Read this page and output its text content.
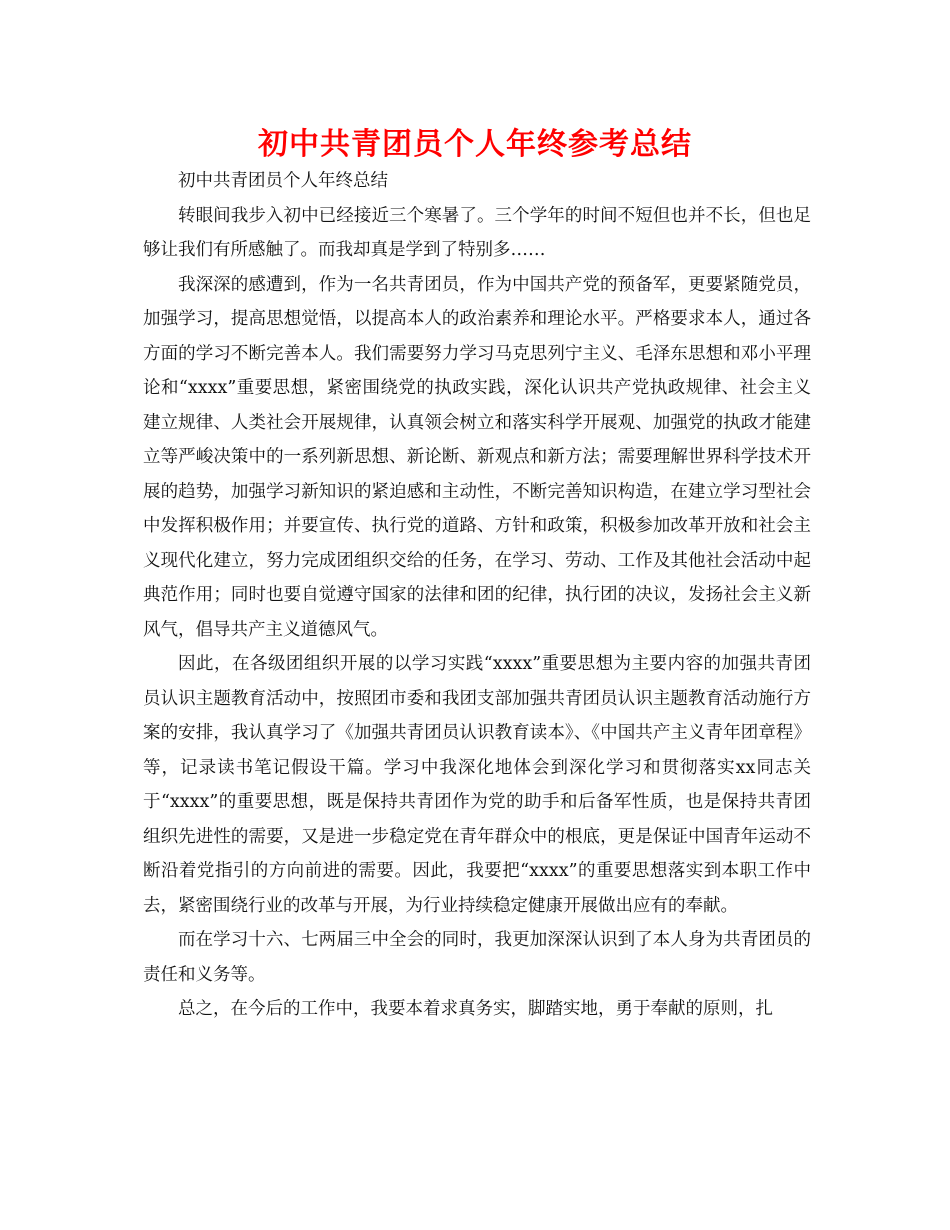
初中共青团员个人年终参考总结

初中共青团员个人年终总结

转眼间我步入初中已经接近三个寒暑了。三个学年的时间不短但也并不长，但也足够让我们有所感触了。而我却真是学到了特别多……

我深深的感遭到，作为一名共青团员，作为中国共产党的预备军，更要紧随党员，加强学习，提高思想觉悟，以提高本人的政治素养和理论水平。严格要求本人，通过各方面的学习不断完善本人。我们需要努力学习马克思列宁主义、毛泽东思想和邓小平理论和“xxxx”重要思想，紧密围绕党的执政实践，深化认识共产党执政规律、社会主义建立规律、人类社会开展规律，认真领会树立和落实科学开展观、加强党的执政才能建立等严峻决策中的一系列新思想、新论断、新观点和新方法；需要理解世界科学技术开展的趋势，加强学习新知识的紧迫感和主动性，不断完善知识构造，在建立学习型社会中发挥积极作用；并要宣传、执行党的道路、方针和政策，积极参加改革开放和社会主义现代化建立，努力完成团组织交给的任务，在学习、劳动、工作及其他社会活动中起典范作用；同时也要自觉遵守国家的法律和团的纪律，执行团的决议，发扬社会主义新风气，倡导共产主义道德风气。

因此，在各级团组织开展的以学习实践“xxxx”重要思想为主要内容的加强共青团员认识主题教育活动中，按照团市委和我团支部加强共青团员认识主题教育活动施行方案的安排，我认真学习了《加强共青团员认识教育读本》、《中国共产主义青年团章程》等，记录读书笔记假设干篇。学习中我深化地体会到深化学习和贯彻落实xx同志关于“xxxx”的重要思想，既是保持共青团作为党的助手和后备军性质，也是保持共青团组织先进性的需要，又是进一步稳定党在青年群众中的根底，更是保证中国青年运动不断沿着党指引的方向前进的需要。因此，我要把“xxxx”的重要思想落实到本职工作中去，紧密围绕行业的改革与开展，为行业持续稳定健康开展做出应有的奉献。

而在学习十六、七两届三中全会的同时，我更加深深认识到了本人身为共青团员的责任和义务等。

总之，在今后的工作中，我要本着求真务实，脚踏实地，勇于奉献的原则，扎
